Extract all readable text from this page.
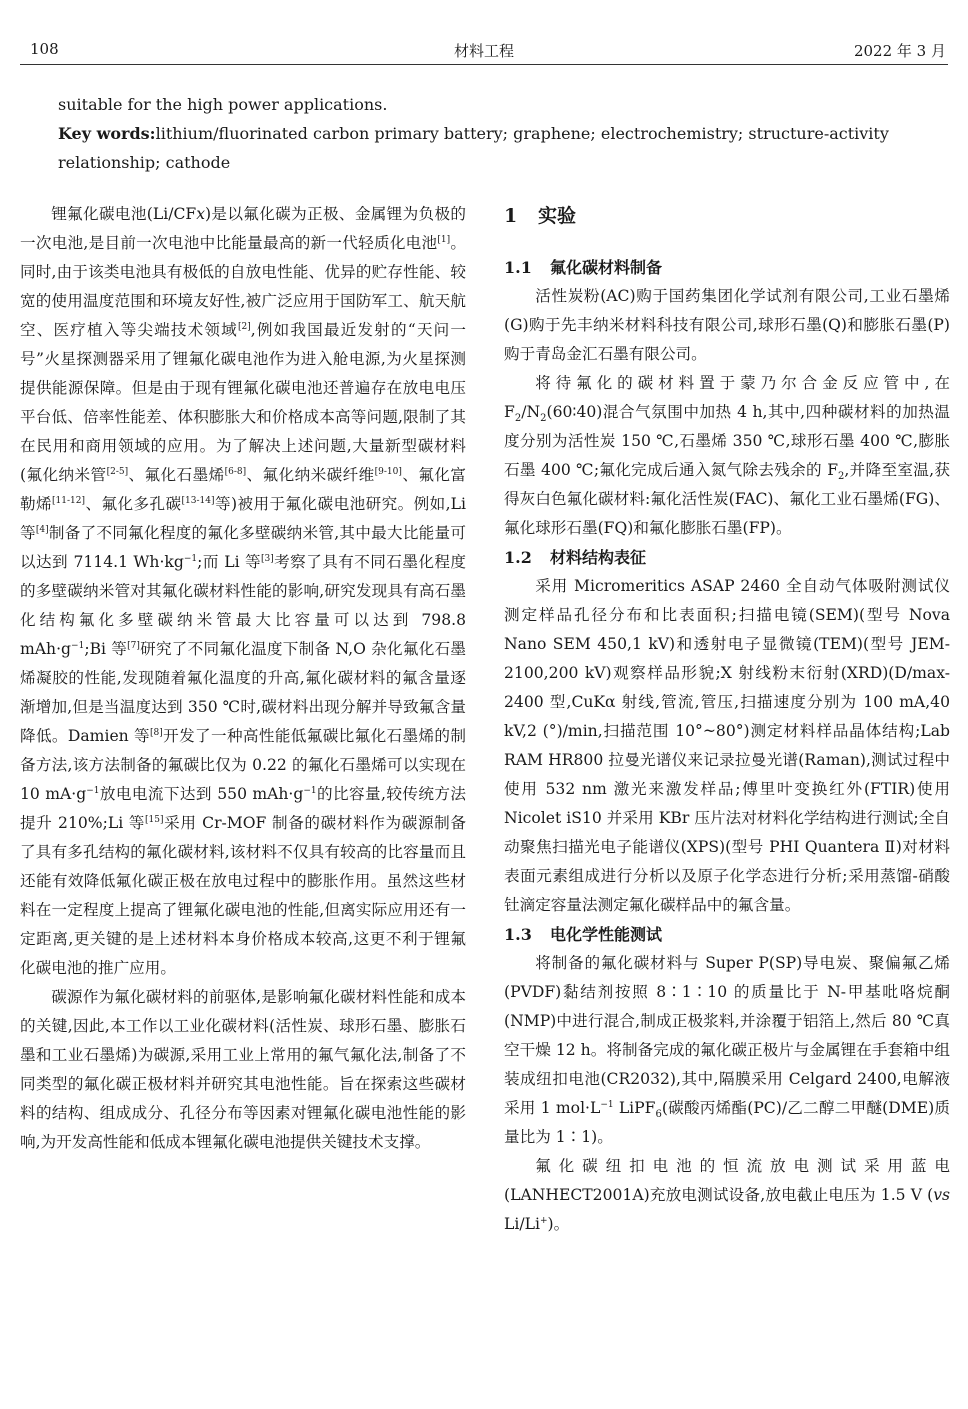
108	材料工程	2022 年 3 月
suitable for the high power applications.
Key words:lithium/fluorinated carbon primary battery; graphene; electrochemistry; structure-activity relationship; cathode

锂氟化碳电池(Li/CFx)是以氟化碳为正极、金属锂为负极的一次电池,是目前一次电池中比能量最高的新一代轻质化电池[1]。同时,由于该类电池具有极低的自放电性能、优异的贮存性能、较宽的使用温度范围和环境友好性,被广泛应用于国防军工、航天航空、医疗植入等尖端技术领域[2],例如我国最近发射的“天问一号”火星探测器采用了锂氟化碳电池作为进入舱电源,为火星探测提供能源保障。但是由于现有锂氟化碳电池还普遍存在放电电压平台低、倍率性能差、体积膨胀大和价格成本高等问题,限制了其在民用和商用领域的应用。为了解决上述问题,大量新型碳材料(氟化纳米管[2-5]、氟化石墨烯[6-8]、氟化纳米碳纤维[9-10]、氟化富勒烯[11-12]、氟化多孔碳[13-14]等)被用于氟化碳电池研究。例如,Li 等[4]制备了不同氟化程度的氟化多壁碳纳米管,其中最大比能量可以达到 7114.1 $Wh\cdot kg^{-1}$;而 Li 等[3]考察了具有不同石墨化程度的多壁碳纳米管对其氟化碳材料性能的影响,研究发现具有高石墨化结构氟化多壁碳纳米管最大比容量可以达到 798.8 $mAh\cdot g^{-1};Bi$ 等[7]研究了不同氟化温度下制备 N,O 杂化氟化石墨烯凝胶的性能,发现随着氟化温度的升高,氟化碳材料的氟含量逐渐增加,但是当温度达到 350 ℃时,碳材料出现分解并导致氟含量降低。Damien 等[8]开发了一种高性能低氟碳比氟化石墨烯的制备方法,该方法制备的氟碳比仅为 0.22 的氟化石墨烯可以实现在 10 $mA\cdot g^{-1}$放电电流下达到 550 $mAh\cdot g^{-1}$的比容量,较传统方法提升 210%;Li 等[15]采用 Cr-MOF 制备的碳材料作为碳源制备了具有多孔结构的氟化碳材料,该材料不仅具有较高的比容量而且还能有效降低氟化碳正极在放电过程中的膨胀作用。虽然这些材料在一定程度上提高了锂氟化碳电池的性能,但离实际应用还有一定距离,更关键的是上述材料本身价格成本较高,这更不利于锂氟化碳电池的推广应用。

碳源作为氟化碳材料的前驱体,是影响氟化碳材料性能和成本的关键,因此,本工作以工业化碳材料(活性炭、球形石墨、膨胀石墨和工业石墨烯)为碳源,采用工业上常用的氟气氟化法,制备了不同类型的氟化碳正极材料并研究其电池性能。旨在探索这些碳材料的结构、组成成分、孔径分布等因素对锂氟化碳电池性能的影响,为开发高性能和低成本锂氟化碳电池提供关键技术支撑。

1 实验
1.1 氟化碳材料制备

活性炭粉(AC)购于国药集团化学试剂有限公司,工业石墨烯(G)购于先丰纳米材料科技有限公司,球形石墨(Q)和膨胀石墨(P)购于青岛金汇石墨有限公司。

将待氟化的碳材料置于蒙乃尔合金反应管中,在 $F_2/N_2(60∶40)$混合气氛围中加热 4 h,其中,四种碳材料的加热温度分别为活性炭 150 ℃,石墨烯 350 ℃,球形石墨 400 ℃,膨胀石墨 400 ℃;氟化完成后通入氮气除去残余的 $F_2$,并降至室温,获得灰白色氟化碳材料:氟化活性炭(FAC)、氟化工业石墨烯(FG)、氟化球形石墨(FQ)和氟化膨胀石墨(FP)。

1.2 材料结构表征

采用 Micromeritics ASAP 2460 全自动气体吸附测试仪测定样品孔径分布和比表面积;扫描电镜(SEM)(型号 Nova Nano SEM 450,1 kV)和透射电子显微镜(TEM)(型号 JEM-2100,200 kV)观察样品形貌;X 射线粉末衍射(XRD)(D/max-2400 型,CuKα 射线,管流,管压,扫描速度分别为 100 mA,40 kV,2 (°)/min,扫描范围 10°~80°)测定材料样品晶体结构;Lab RAM HR800 拉曼光谱仪来记录拉曼光谱(Raman),测试过程中使用 532 nm 激光来激发样品;傅里叶变换红外(FTIR)使用 Nicolet iS10 并采用 KBr 压片法对材料化学结构进行测试;全自动聚焦扫描光电子能谱仪(XPS)(型号 PHI Quantera Ⅱ)对材料表面元素组成进行分析以及原子化学态进行分析;采用蒸馏-硝酸钍滴定容量法测定氟化碳样品中的氟含量。

1.3 电化学性能测试

将制备的氟化碳材料与 Super P(SP)导电炭、聚偏氟乙烯(PVDF)黏结剂按照 8∶1∶10 的质量比于 N-甲基吡咯烷酮(NMP)中进行混合,制成正极浆料,并涂覆于铝箔上,然后 80 ℃真空干燥 12 h。将制备完成的氟化碳正极片与金属锂在手套箱中组装成纽扣电池(CR2032),其中,隔膜采用 Celgard 2400,电解液采用 1 $mol\cdot L^{-1}$ LiPF$_6$(碳酸丙烯酯(PC)/乙二醇二甲醚(DME)质量比为 1∶1)。

氟化碳纽扣电池的恒流放电测试采用蓝电(LANHECT2001A)充放电测试设备,放电截止电压为 1.5 V (vs Li/Li+)。
